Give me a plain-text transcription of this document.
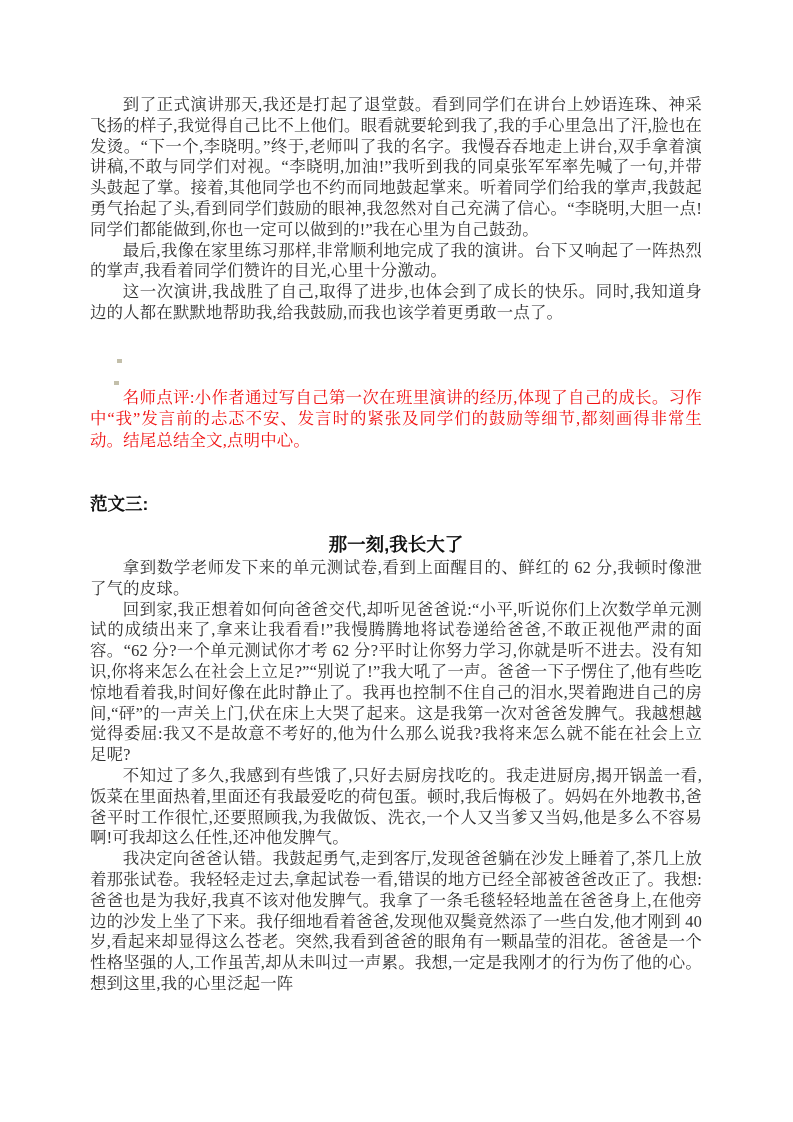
到了正式演讲那天,我还是打起了退堂鼓。看到同学们在讲台上妙语连珠、神采飞扬的样子,我觉得自己比不上他们。眼看就要轮到我了,我的手心里急出了汗,脸也在发烫。“下一个,李晓明。”终于,老师叫了我的名字。我慢吞吞地走上讲台,双手拿着演讲稿,不敢与同学们对视。“李晓明,加油!”我听到我的同桌张军军率先喊了一句,并带头鼓起了掌。接着,其他同学也不约而同地鼓起掌来。听着同学们给我的掌声,我鼓起勇气抬起了头,看到同学们鼓励的眼神,我忽然对自己充满了信心。“李晓明,大胆一点!同学们都能做到,你也一定可以做到的!”我在心里为自己鼓劲。

最后,我像在家里练习那样,非常顺利地完成了我的演讲。台下又响起了一阵热烈的掌声,我看着同学们赞许的目光,心里十分激动。

这一次演讲,我战胜了自己,取得了进步,也体会到了成长的快乐。同时,我知道身边的人都在默默地帮助我,给我鼓励,而我也该学着更勇敢一点了。

名师点评:小作者通过写自己第一次在班里演讲的经历,体现了自己的成长。习作中“我”发言前的忐忑不安、发言时的紧张及同学们的鼓励等细节,都刻画得非常生动。结尾总结全文,点明中心。

范文三:
那一刻,我长大了

拿到数学老师发下来的单元测试卷,看到上面醒目的、鲜红的 62 分,我顿时像泄了气的皮球。

回到家,我正想着如何向爸爸交代,却听见爸爸说:“小平,听说你们上次数学单元测试的成绩出来了,拿来让我看看!”我慢腾腾地将试卷递给爸爸,不敢正视他严肃的面容。“62 分?一个单元测试你才考 62 分?平时让你努力学习,你就是听不进去。没有知识,你将来怎么在社会上立足?”“别说了!”我大吼了一声。爸爸一下子愣住了,他有些吃惊地看着我,时间好像在此时静止了。我再也控制不住自己的泪水,哭着跑进自己的房间,“砰”的一声关上门,伏在床上大哭了起来。这是我第一次对爸爸发脾气。我越想越觉得委屈:我又不是故意不考好的,他为什么那么说我?我将来怎么就不能在社会上立足呢?

不知过了多久,我感到有些饿了,只好去厨房找吃的。我走进厨房,揭开锅盖一看,饭菜在里面热着,里面还有我最爱吃的荷包蛋。顿时,我后悔极了。妈妈在外地教书,爸爸平时工作很忙,还要照顾我,为我做饭、洗衣,一个人又当爹又当妈,他是多么不容易啊!可我却这么任性,还冲他发脾气。

我决定向爸爸认错。我鼓起勇气,走到客厅,发现爸爸躺在沙发上睡着了,茶几上放着那张试卷。我轻轻走过去,拿起试卷一看,错误的地方已经全部被爸爸改正了。我想:爸爸也是为我好,我真不该对他发脾气。我拿了一条毛毯轻轻地盖在爸爸身上,在他旁边的沙发上坐了下来。我仔细地看着爸爸,发现他双鬓竟然添了一些白发,他才刚到 40 岁,看起来却显得这么苍老。突然,我看到爸爸的眼角有一颗晶莹的泪花。爸爸是一个性格坚强的人,工作虽苦,却从未叫过一声累。我想,一定是我刚才的行为伤了他的心。想到这里,我的心里泛起一阵
